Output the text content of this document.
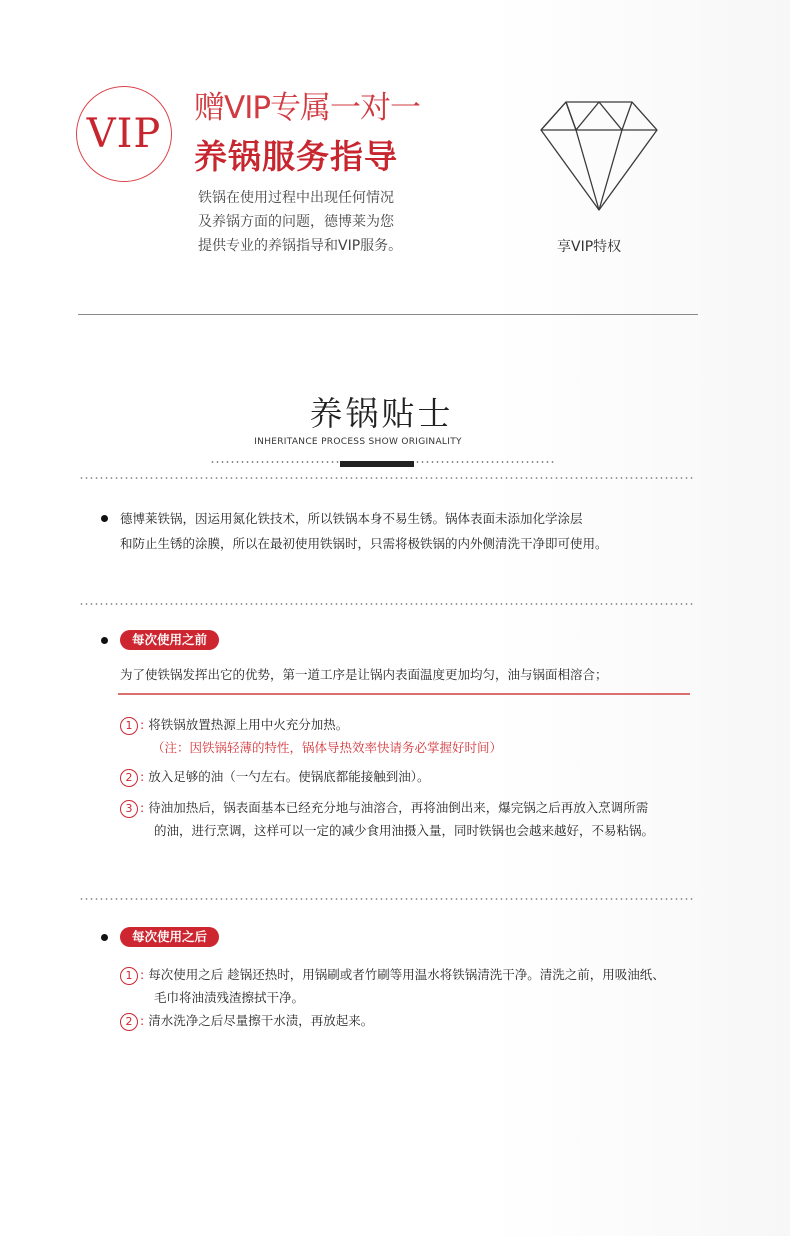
VIP
赠VIP专属一对一
养锅服务指导
铁锅在使用过程中出现任何情况
及养锅方面的问题，德博莱为您
提供专业的养锅指导和VIP服务。	享VIP特权
养锅贴士
INHERITANCE PROCESS SHOW ORIGINALITY
德博莱铁锅，因运用氮化铁技术，所以铁锅本身不易生锈。锅体表面未添加化学涂层
和防止生锈的涂膜，所以在最初使用铁锅时，只需将极铁锅的内外侧清洗干净即可使用。
每次使用之前
为了使铁锅发挥出它的优势，第一道工序是让锅内表面温度更加均匀，油与锅面相溶合；
1 : 将铁锅放置热源上用中火充分加热。
（注：因铁锅轻薄的特性，锅体导热效率快请务必掌握好时间）
2 : 放入足够的油（一勺左右。使锅底都能接触到油）。
3 : 待油加热后，锅表面基本已经充分地与油溶合，再将油倒出来，爆完锅之后再放入烹调所需
的油，进行烹调，这样可以一定的减少食用油摄入量，同时铁锅也会越来越好，不易粘锅。
每次使用之后
1 : 每次使用之后 趁锅还热时，用锅刷或者竹刷等用温水将铁锅清洗干净。清洗之前，用吸油纸、
毛巾将油渍残渣擦拭干净。
2 : 清水洗净之后尽量擦干水渍，再放起来。
